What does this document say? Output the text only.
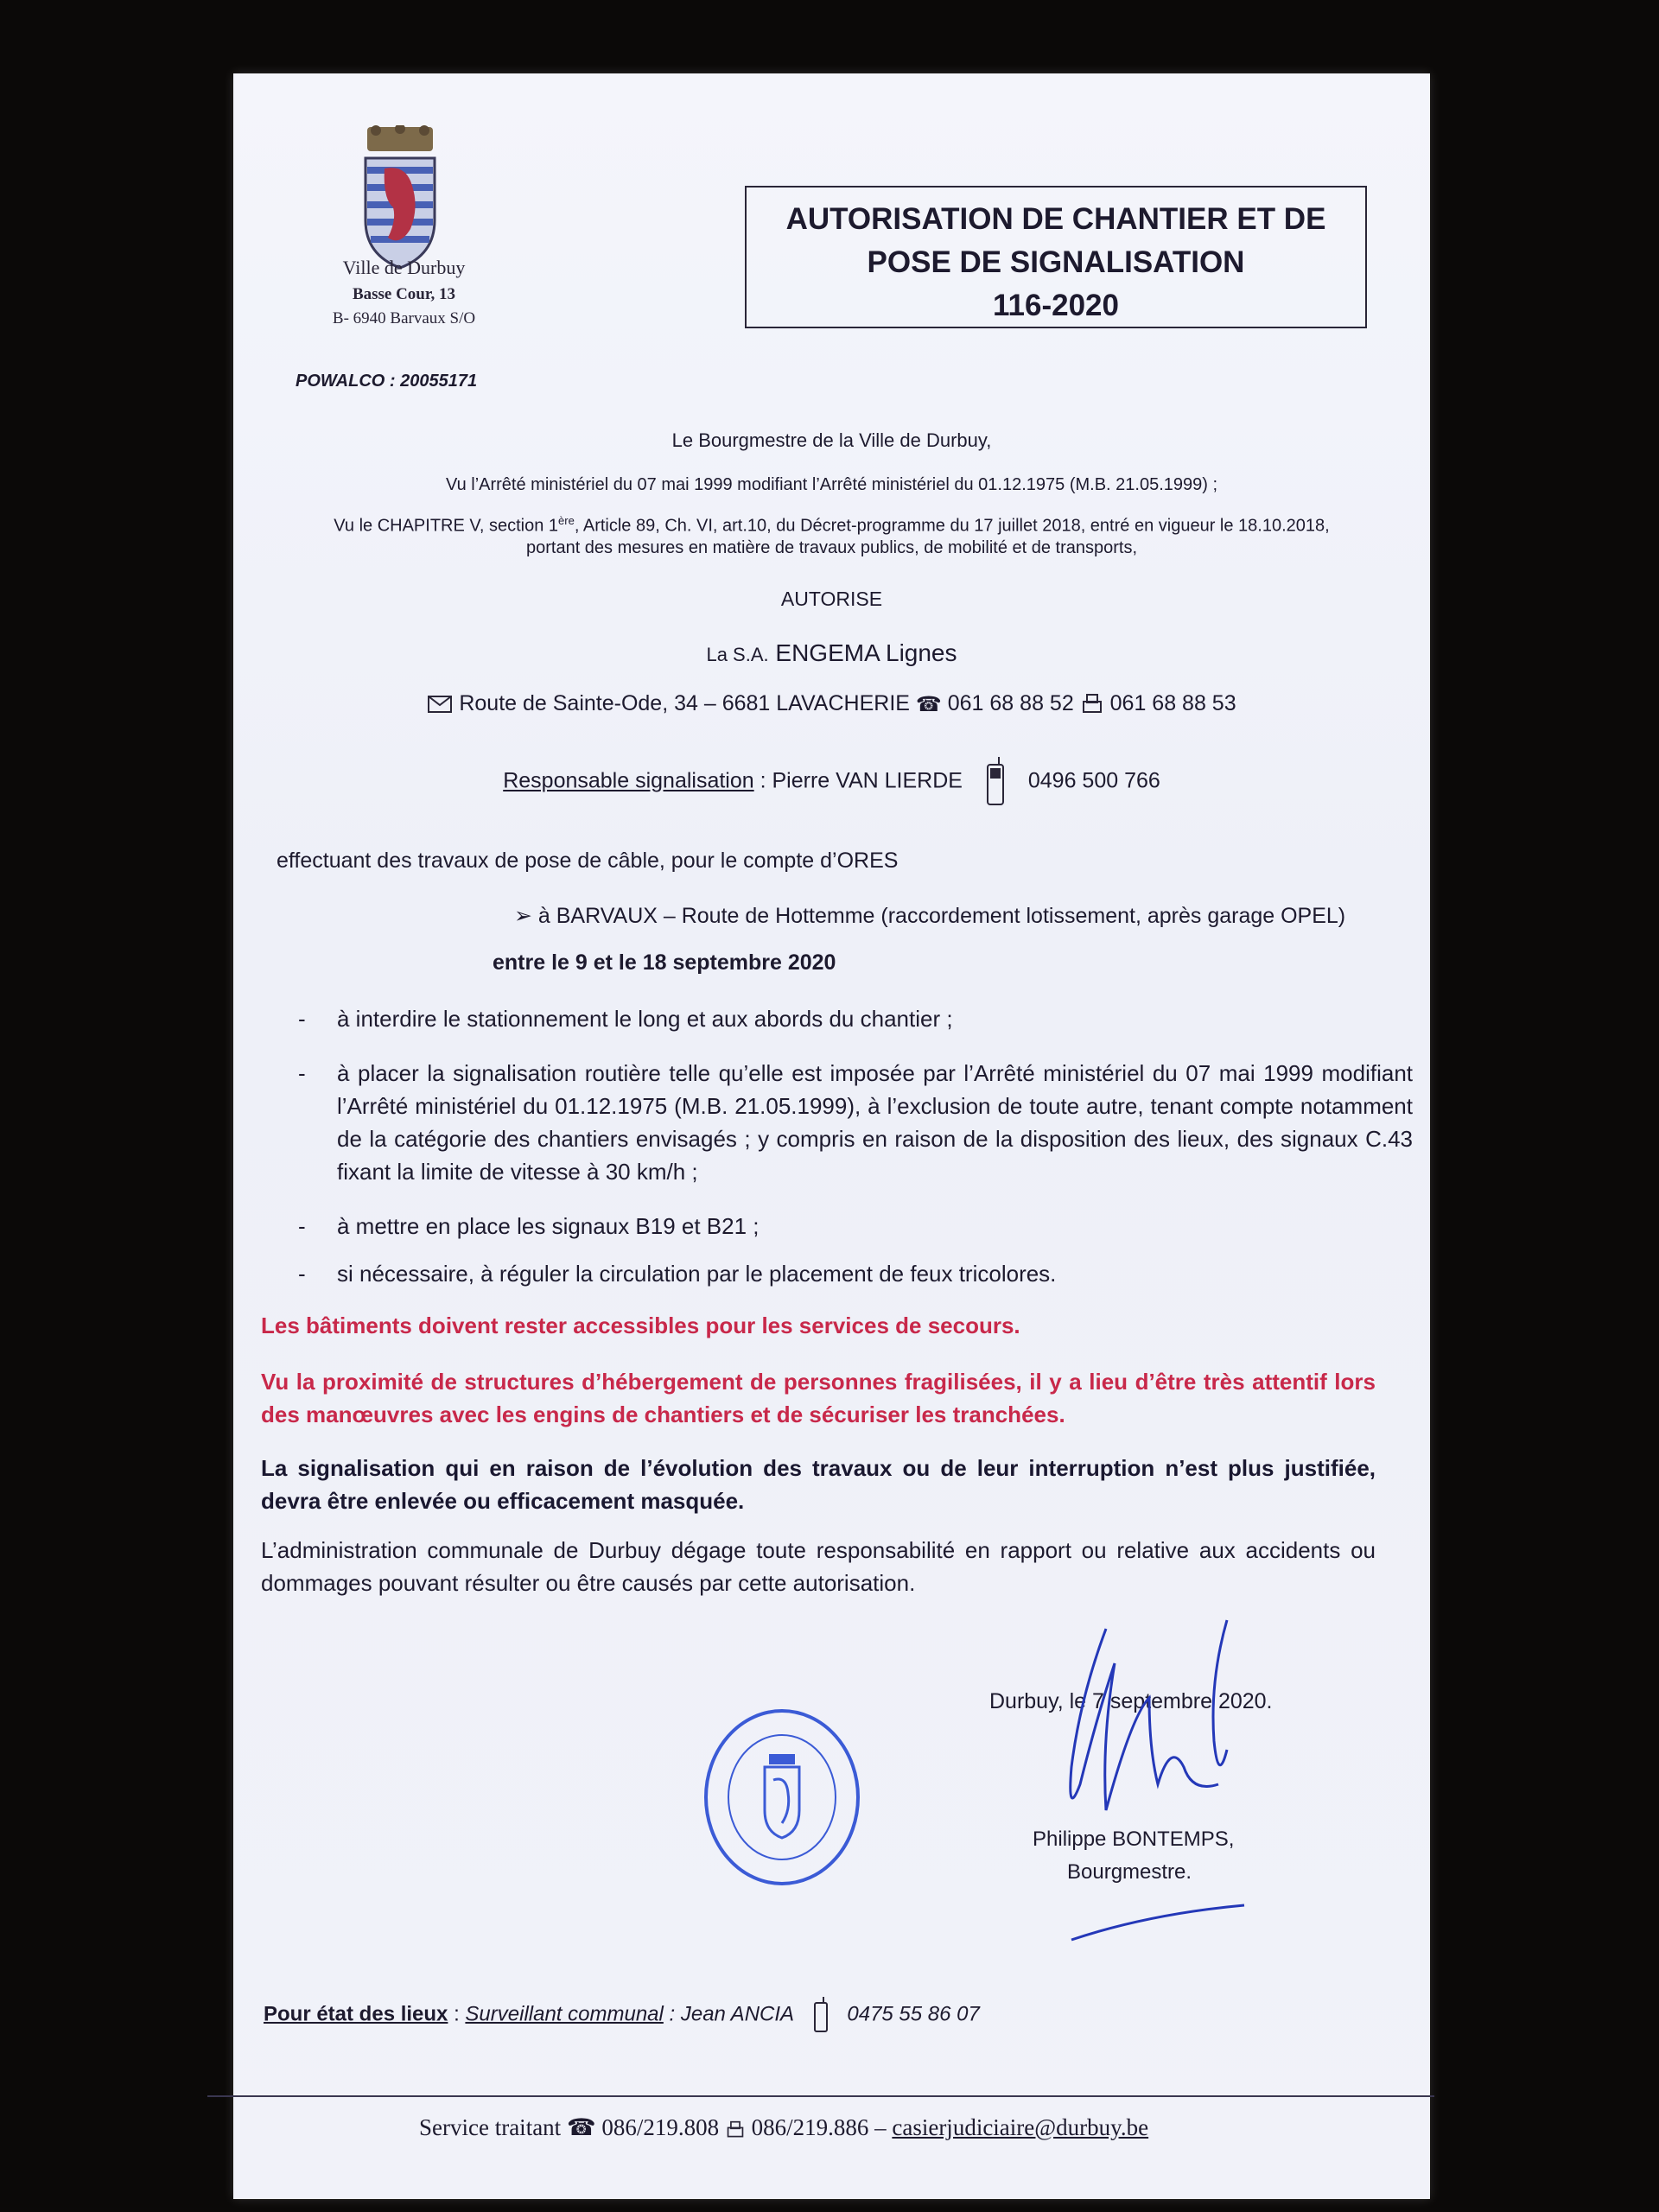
Ville de Durbuy
Basse Cour, 13
B- 6940 Barvaux S/O
POWALCO : 20055171
AUTORISATION DE CHANTIER ET DE
POSE DE SIGNALISATION
116-2020
Le Bourgmestre de la Ville de Durbuy,
Vu l’Arrêté ministériel du 07 mai 1999 modifiant l’Arrêté ministériel du 01.12.1975 (M.B. 21.05.1999) ;
Vu le CHAPITRE V, section 1ère, Article 89, Ch. VI, art.10, du Décret-programme du 17 juillet 2018, entré en vigueur le 18.10.2018,
portant des mesures en matière de travaux publics, de mobilité et de transports,
AUTORISE
La S.A. ENGEMA Lignes
Route de Sainte-Ode, 34 – 6681 LAVACHERIE ☎ 061 68 88 52 061 68 88 53
Responsable signalisation : Pierre VAN LIERDE	0496 500 766
effectuant des travaux de pose de câble, pour le compte d’ORES
➢ à BARVAUX – Route de Hottemme (raccordement lotissement, après garage OPEL)
entre le 9 et le 18 septembre 2020
- à interdire le stationnement le long et aux abords du chantier ;
- à placer la signalisation routière telle qu’elle est imposée par l’Arrêté ministériel du 07 mai 1999 modifiant l’Arrêté ministériel du 01.12.1975 (M.B. 21.05.1999), à l’exclusion de toute autre, tenant compte notamment de la catégorie des chantiers envisagés ; y compris en raison de la disposition des lieux, des signaux C.43 fixant la limite de vitesse à 30 km/h ;
- à mettre en place les signaux B19 et B21 ;
- si nécessaire, à réguler la circulation par le placement de feux tricolores.
Les bâtiments doivent rester accessibles pour les services de secours.
Vu la proximité de structures d’hébergement de personnes fragilisées, il y a lieu d’être très attentif lors des manœuvres avec les engins de chantiers et de sécuriser les tranchées.
La signalisation qui en raison de l’évolution des travaux ou de leur interruption n’est plus justifiée, devra être enlevée ou efficacement masquée.
L’administration communale de Durbuy dégage toute responsabilité en rapport ou relative aux accidents ou dommages pouvant résulter ou être causés par cette autorisation.
Durbuy, le 7 septembre 2020.
Philippe BONTEMPS,
Bourgmestre.
Pour état des lieux : Surveillant communal : Jean ANCIA	0475 55 86 07
Service traitant ☎ 086/219.808 086/219.886 – casierjudiciaire@durbuy.be
